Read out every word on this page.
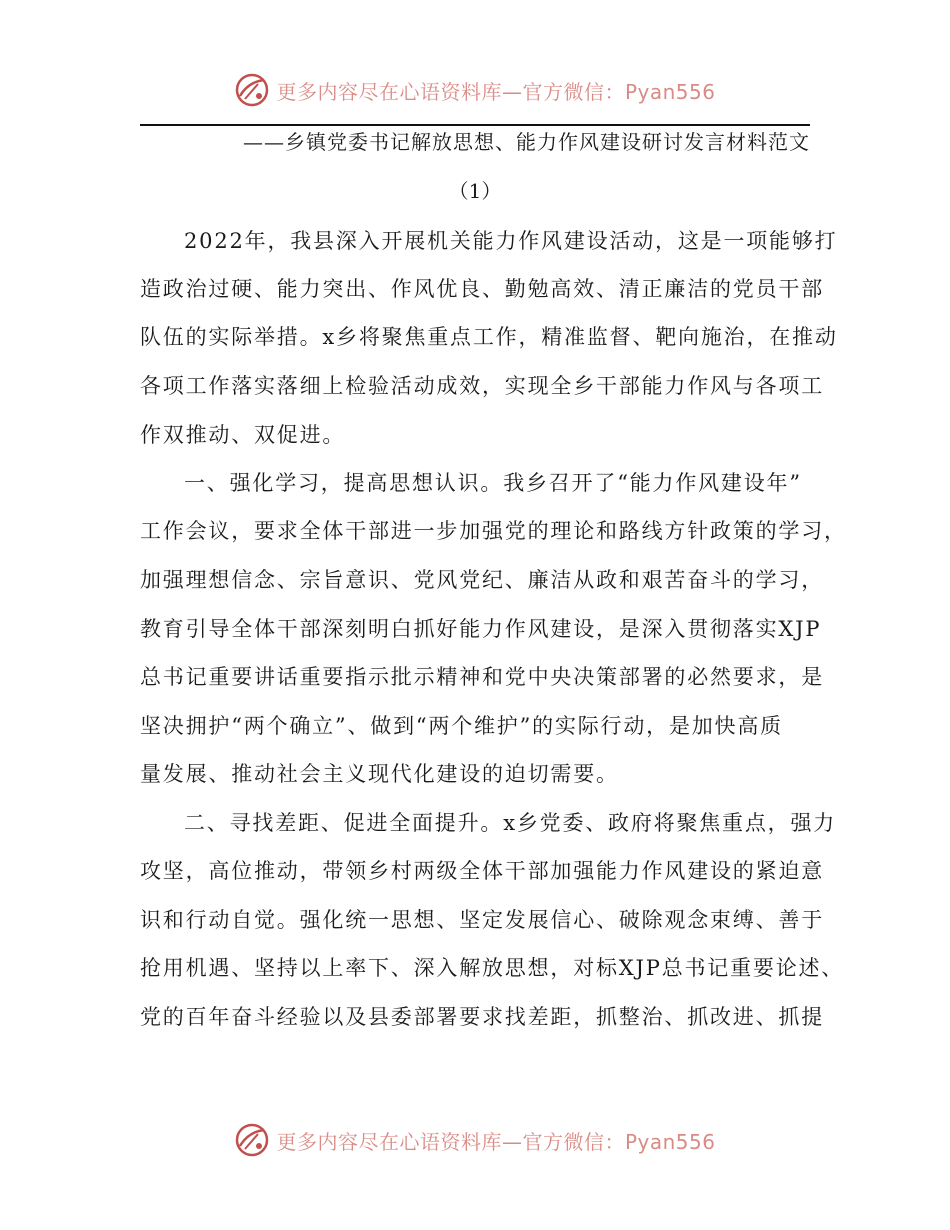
更多内容尽在心语资料库—官方微信：Pyan556
——乡镇党委书记解放思想、能力作风建设研讨发言材料范文
（1）
2022年，我县深入开展机关能力作风建设活动，这是一项能够打
造政治过硬、能力突出、作风优良、勤勉高效、清正廉洁的党员干部
队伍的实际举措。x乡将聚焦重点工作，精准监督、靶向施治，在推动
各项工作落实落细上检验活动成效，实现全乡干部能力作风与各项工
作双推动、双促进。
一、强化学习，提高思想认识。我乡召开了“能力作风建设年”
工作会议，要求全体干部进一步加强党的理论和路线方针政策的学习，
加强理想信念、宗旨意识、党风党纪、廉洁从政和艰苦奋斗的学习，
教育引导全体干部深刻明白抓好能力作风建设，是深入贯彻落实XJP
总书记重要讲话重要指示批示精神和党中央决策部署的必然要求，是
坚决拥护“两个确立”、做到“两个维护”的实际行动，是加快高质
量发展、推动社会主义现代化建设的迫切需要。
二、寻找差距、促进全面提升。x乡党委、政府将聚焦重点，强力
攻坚，高位推动，带领乡村两级全体干部加强能力作风建设的紧迫意
识和行动自觉。强化统一思想、坚定发展信心、破除观念束缚、善于
抢用机遇、坚持以上率下、深入解放思想，对标XJP总书记重要论述、
党的百年奋斗经验以及县委部署要求找差距，抓整治、抓改进、抓提
更多内容尽在心语资料库—官方微信：Pyan556
